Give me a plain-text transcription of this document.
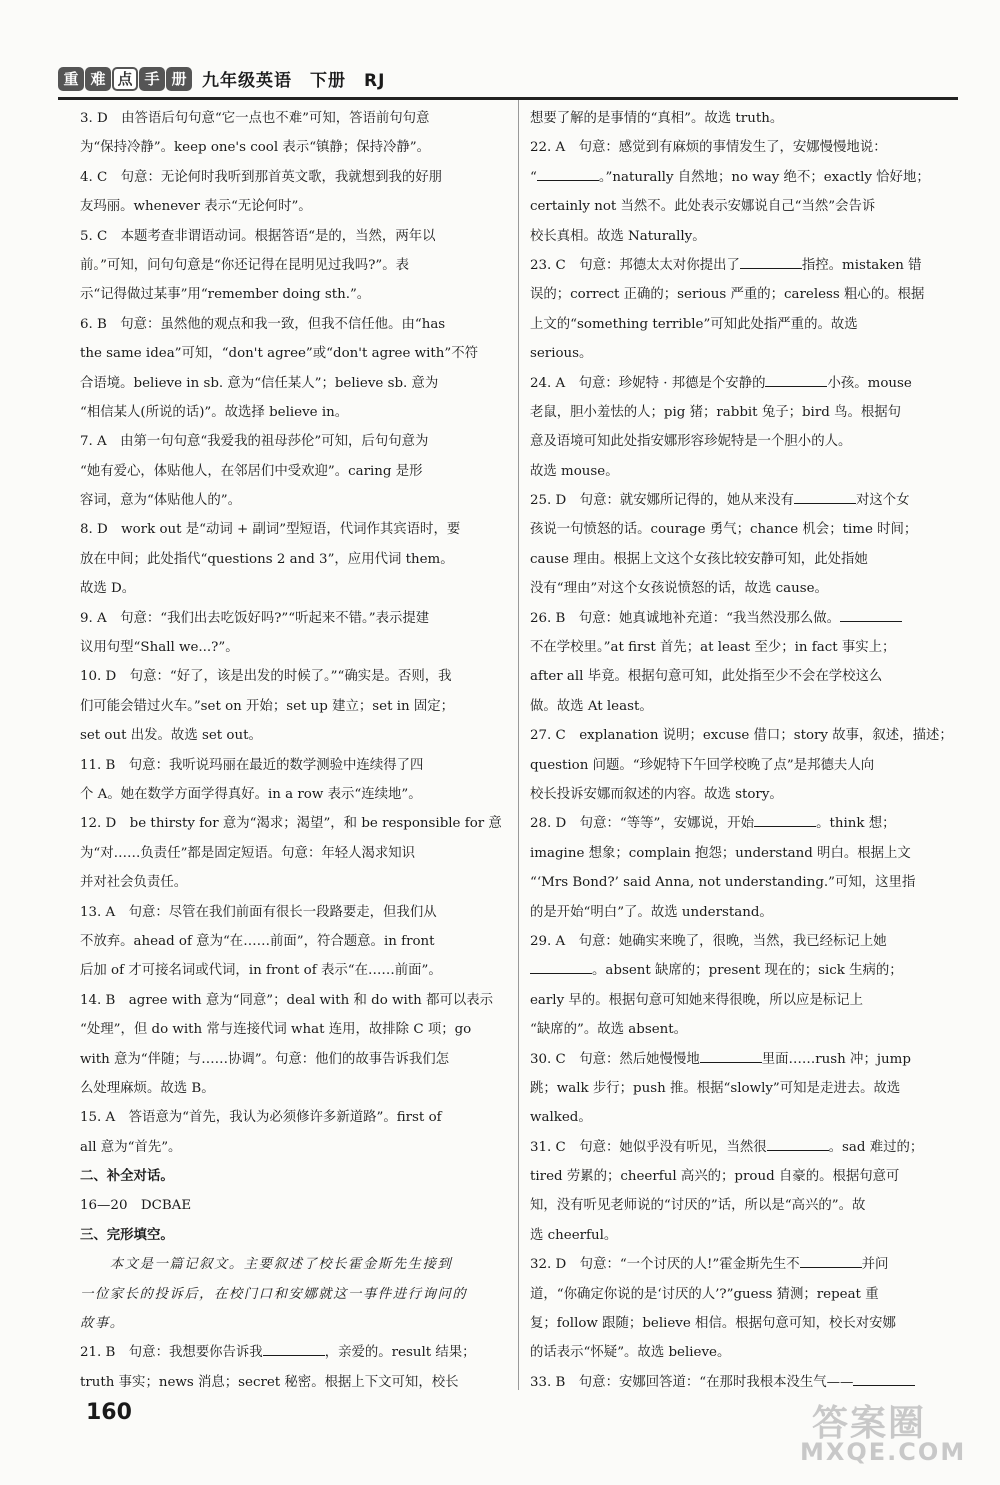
重 难 点 手 册 九年级英语　下册　RJ
3. D　由答语后句句意“它一点也不难”可知，答语前句句意
为“保持冷静”。keep one's cool 表示“镇静；保持冷静”。
4. C　句意：无论何时我听到那首英文歌，我就想到我的好朋
友玛丽。whenever 表示“无论何时”。
5. C　本题考查非谓语动词。根据答语“是的，当然，两年以
前。”可知，问句句意是“你还记得在昆明见过我吗?”。表
示“记得做过某事”用“remember doing sth.”。
6. B　句意：虽然他的观点和我一致，但我不信任他。由“has
the same idea”可知，“don't agree”或“don't agree with”不符
合语境。believe in sb. 意为“信任某人”；believe sb. 意为
“相信某人(所说的话)”。故选择 believe in。
7. A　由第一句句意“我爱我的祖母莎伦”可知，后句句意为
“她有爱心，体贴他人，在邻居们中受欢迎”。caring 是形
容词，意为“体贴他人的”。
8. D　work out 是“动词 + 副词”型短语，代词作其宾语时，要
放在中间；此处指代“questions 2 and 3”，应用代词 them。
故选 D。
9. A　句意：“我们出去吃饭好吗?”“听起来不错。”表示提建
议用句型“Shall we...?”。
10. D　句意：“好了，该是出发的时候了。”“确实是。否则，我
们可能会错过火车。”set on 开始；set up 建立；set in 固定；
set out 出发。故选 set out。
11. B　句意：我听说玛丽在最近的数学测验中连续得了四
个 A。她在数学方面学得真好。in a row 表示“连续地”。
12. D　be thirsty for 意为“渴求；渴望”，和 be responsible for 意
为“对……负责任”都是固定短语。句意：年轻人渴求知识
并对社会负责任。
13. A　句意：尽管在我们前面有很长一段路要走，但我们从
不放弃。ahead of 意为“在……前面”，符合题意。in front
后加 of 才可接名词或代词，in front of 表示“在……前面”。
14. B　agree with 意为“同意”；deal with 和 do with 都可以表示
“处理”，但 do with 常与连接代词 what 连用，故排除 C 项；go
with 意为“伴随；与……协调”。句意：他们的故事告诉我们怎
么处理麻烦。故选 B。
15. A　答语意为“首先，我认为必须修许多新道路”。first of
all 意为“首先”。
二、补全对话。
16—20　DCBAE
三、完形填空。
　　本文是一篇记叙文。主要叙述了校长霍金斯先生接到
一位家长的投诉后，在校门口和安娜就这一事件进行询问的
故事。
21. B　句意：我想要你告诉我	，亲爱的。result 结果；
truth 事实；news 消息；secret 秘密。根据上下文可知，校长
想要了解的是事情的“真相”。故选 truth。
22. A　句意：感觉到有麻烦的事情发生了，安娜慢慢地说：
“	。”naturally 自然地；no way 绝不；exactly 恰好地；
certainly not 当然不。此处表示安娜说自己“当然”会告诉
校长真相。故选 Naturally。
23. C　句意：邦德太太对你提出了	指控。mistaken 错
误的；correct 正确的；serious 严重的；careless 粗心的。根据
上文的“something terrible”可知此处指严重的。故选
serious。
24. A　句意：珍妮特 · 邦德是个安静的	小孩。mouse
老鼠，胆小羞怯的人；pig 猪；rabbit 兔子；bird 鸟。根据句
意及语境可知此处指安娜形容珍妮特是一个胆小的人。
故选 mouse。
25. D　句意：就安娜所记得的，她从来没有	对这个女
孩说一句愤怒的话。courage 勇气；chance 机会；time 时间；
cause 理由。根据上文这个女孩比较安静可知，此处指她
没有“理由”对这个女孩说愤怒的话，故选 cause。
26. B　句意：她真诚地补充道：“我当然没那么做。
不在学校里。”at first 首先；at least 至少；in fact 事实上；
after all 毕竟。根据句意可知，此处指至少不会在学校这么
做。故选 At least。
27. C　explanation 说明；excuse 借口；story 故事，叙述，描述；
question 问题。“珍妮特下午回学校晚了点”是邦德夫人向
校长投诉安娜而叙述的内容。故选 story。
28. D　句意：“等等”，安娜说，开始	。think 想；
imagine 想象；complain 抱怨；understand 明白。根据上文
“‘Mrs Bond?’ said Anna, not understanding.”可知，这里指
的是开始“明白”了。故选 understand。
29. A　句意：她确实来晚了，很晚，当然，我已经标记上她
。absent 缺席的；present 现在的；sick 生病的；
early 早的。根据句意可知她来得很晚，所以应是标记上
“缺席的”。故选 absent。
30. C　句意：然后她慢慢地	里面……rush 冲；jump
跳；walk 步行；push 推。根据“slowly”可知是走进去。故选
walked。
31. C　句意：她似乎没有听见，当然很	。sad 难过的；
tired 劳累的；cheerful 高兴的；proud 自豪的。根据句意可
知，没有听见老师说的“讨厌的”话，所以是“高兴的”。故
选 cheerful。
32. D　句意：“一个讨厌的人!”霍金斯先生不	并问
道，“你确定你说的是‘讨厌的人’?”guess 猜测；repeat 重
复；follow 跟随；believe 相信。根据句意可知，校长对安娜
的话表示“怀疑”。故选 believe。
33. B　句意：安娜回答道：“在那时我根本没生气——
160	答案圈
MXQE.COM
